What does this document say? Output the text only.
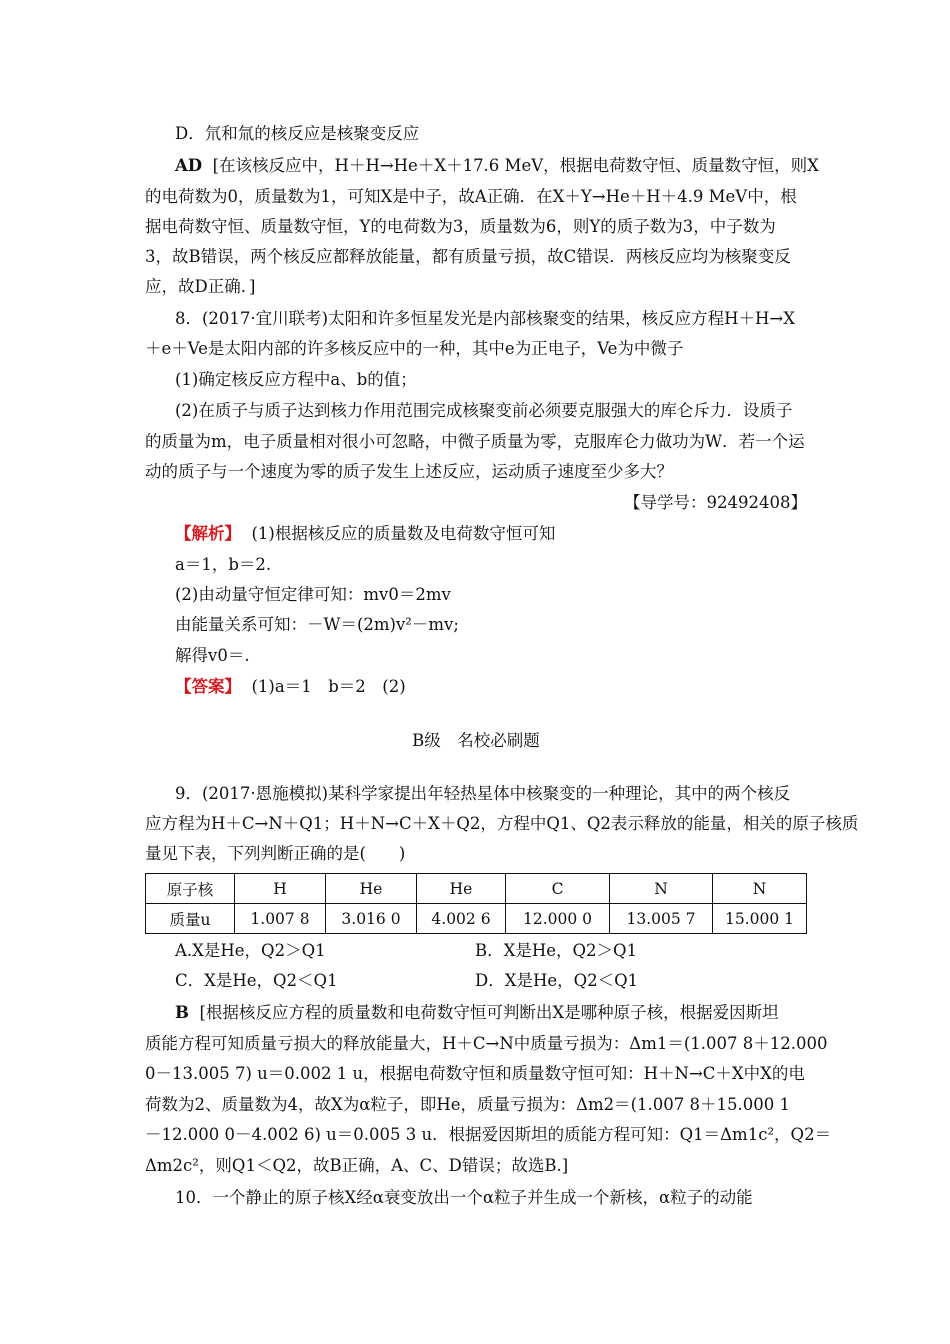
D．氘和氚的核反应是核聚变反应
AD [在该核反应中，H＋H→He＋X＋17.6 MeV，根据电荷数守恒、质量数守恒，则X
的电荷数为0，质量数为1，可知X是中子，故A正确．在X＋Y→He＋H＋4.9 MeV中，根
据电荷数守恒、质量数守恒，Y的电荷数为3，质量数为6，则Y的质子数为3，中子数为
3，故B错误，两个核反应都释放能量，都有质量亏损，故C错误．两核反应均为核聚变反
应，故D正确．]
8．(2017·宜川联考)太阳和许多恒星发光是内部核聚变的结果，核反应方程H＋H→X
＋e＋Ve是太阳内部的许多核反应中的一种，其中e为正电子，Ve为中微子
(1)确定核反应方程中a、b的值；
(2)在质子与质子达到核力作用范围完成核聚变前必须要克服强大的库仑斥力．设质子
的质量为m，电子质量相对很小可忽略，中微子质量为零，克服库仑力做功为W．若一个运
动的质子与一个速度为零的质子发生上述反应，运动质子速度至少多大？
【导学号：92492408】
【解析】 (1)根据核反应的质量数及电荷数守恒可知
a＝1，b＝2.
(2)由动量守恒定律可知：mv0＝2mv
由能量关系可知：－W＝(2m)v²－mv;
解得v0＝.
【答案】 (1)a＝1　b＝2　(2)
B级　名校必刷题
9．(2017·恩施模拟)某科学家提出年轻热星体中核聚变的一种理论，其中的两个核反
应方程为H＋C→N＋Q1；H＋N→C＋X＋Q2，方程中Q1、Q2表示释放的能量，相关的原子核质
量见下表，下列判断正确的是(　　)
原子核	H	He	He	C	N	N
质量u	1.007 8	3.016 0	4.002 6	12.000 0	13.005 7	15.000 1
A.X是He，Q2＞Q1	B．X是He，Q2＞Q1
C．X是He，Q2＜Q1	D．X是He，Q2＜Q1
B [根据核反应方程的质量数和电荷数守恒可判断出X是哪种原子核，根据爱因斯坦
质能方程可知质量亏损大的释放能量大，H＋C→N中质量亏损为：Δm1＝(1.007 8＋12.000
0－13.005 7) u＝0.002 1 u，根据电荷数守恒和质量数守恒可知：H＋N→C＋X中X的电
荷数为2、质量数为4，故X为α粒子，即He，质量亏损为：Δm2＝(1.007 8＋15.000 1
－12.000 0－4.002 6) u＝0.005 3 u．根据爱因斯坦的质能方程可知：Q1＝Δm1c²，Q2＝
Δm2c²，则Q1＜Q2，故B正确，A、C、D错误；故选B.]
10．一个静止的原子核X经α衰变放出一个α粒子并生成一个新核，α粒子的动能
